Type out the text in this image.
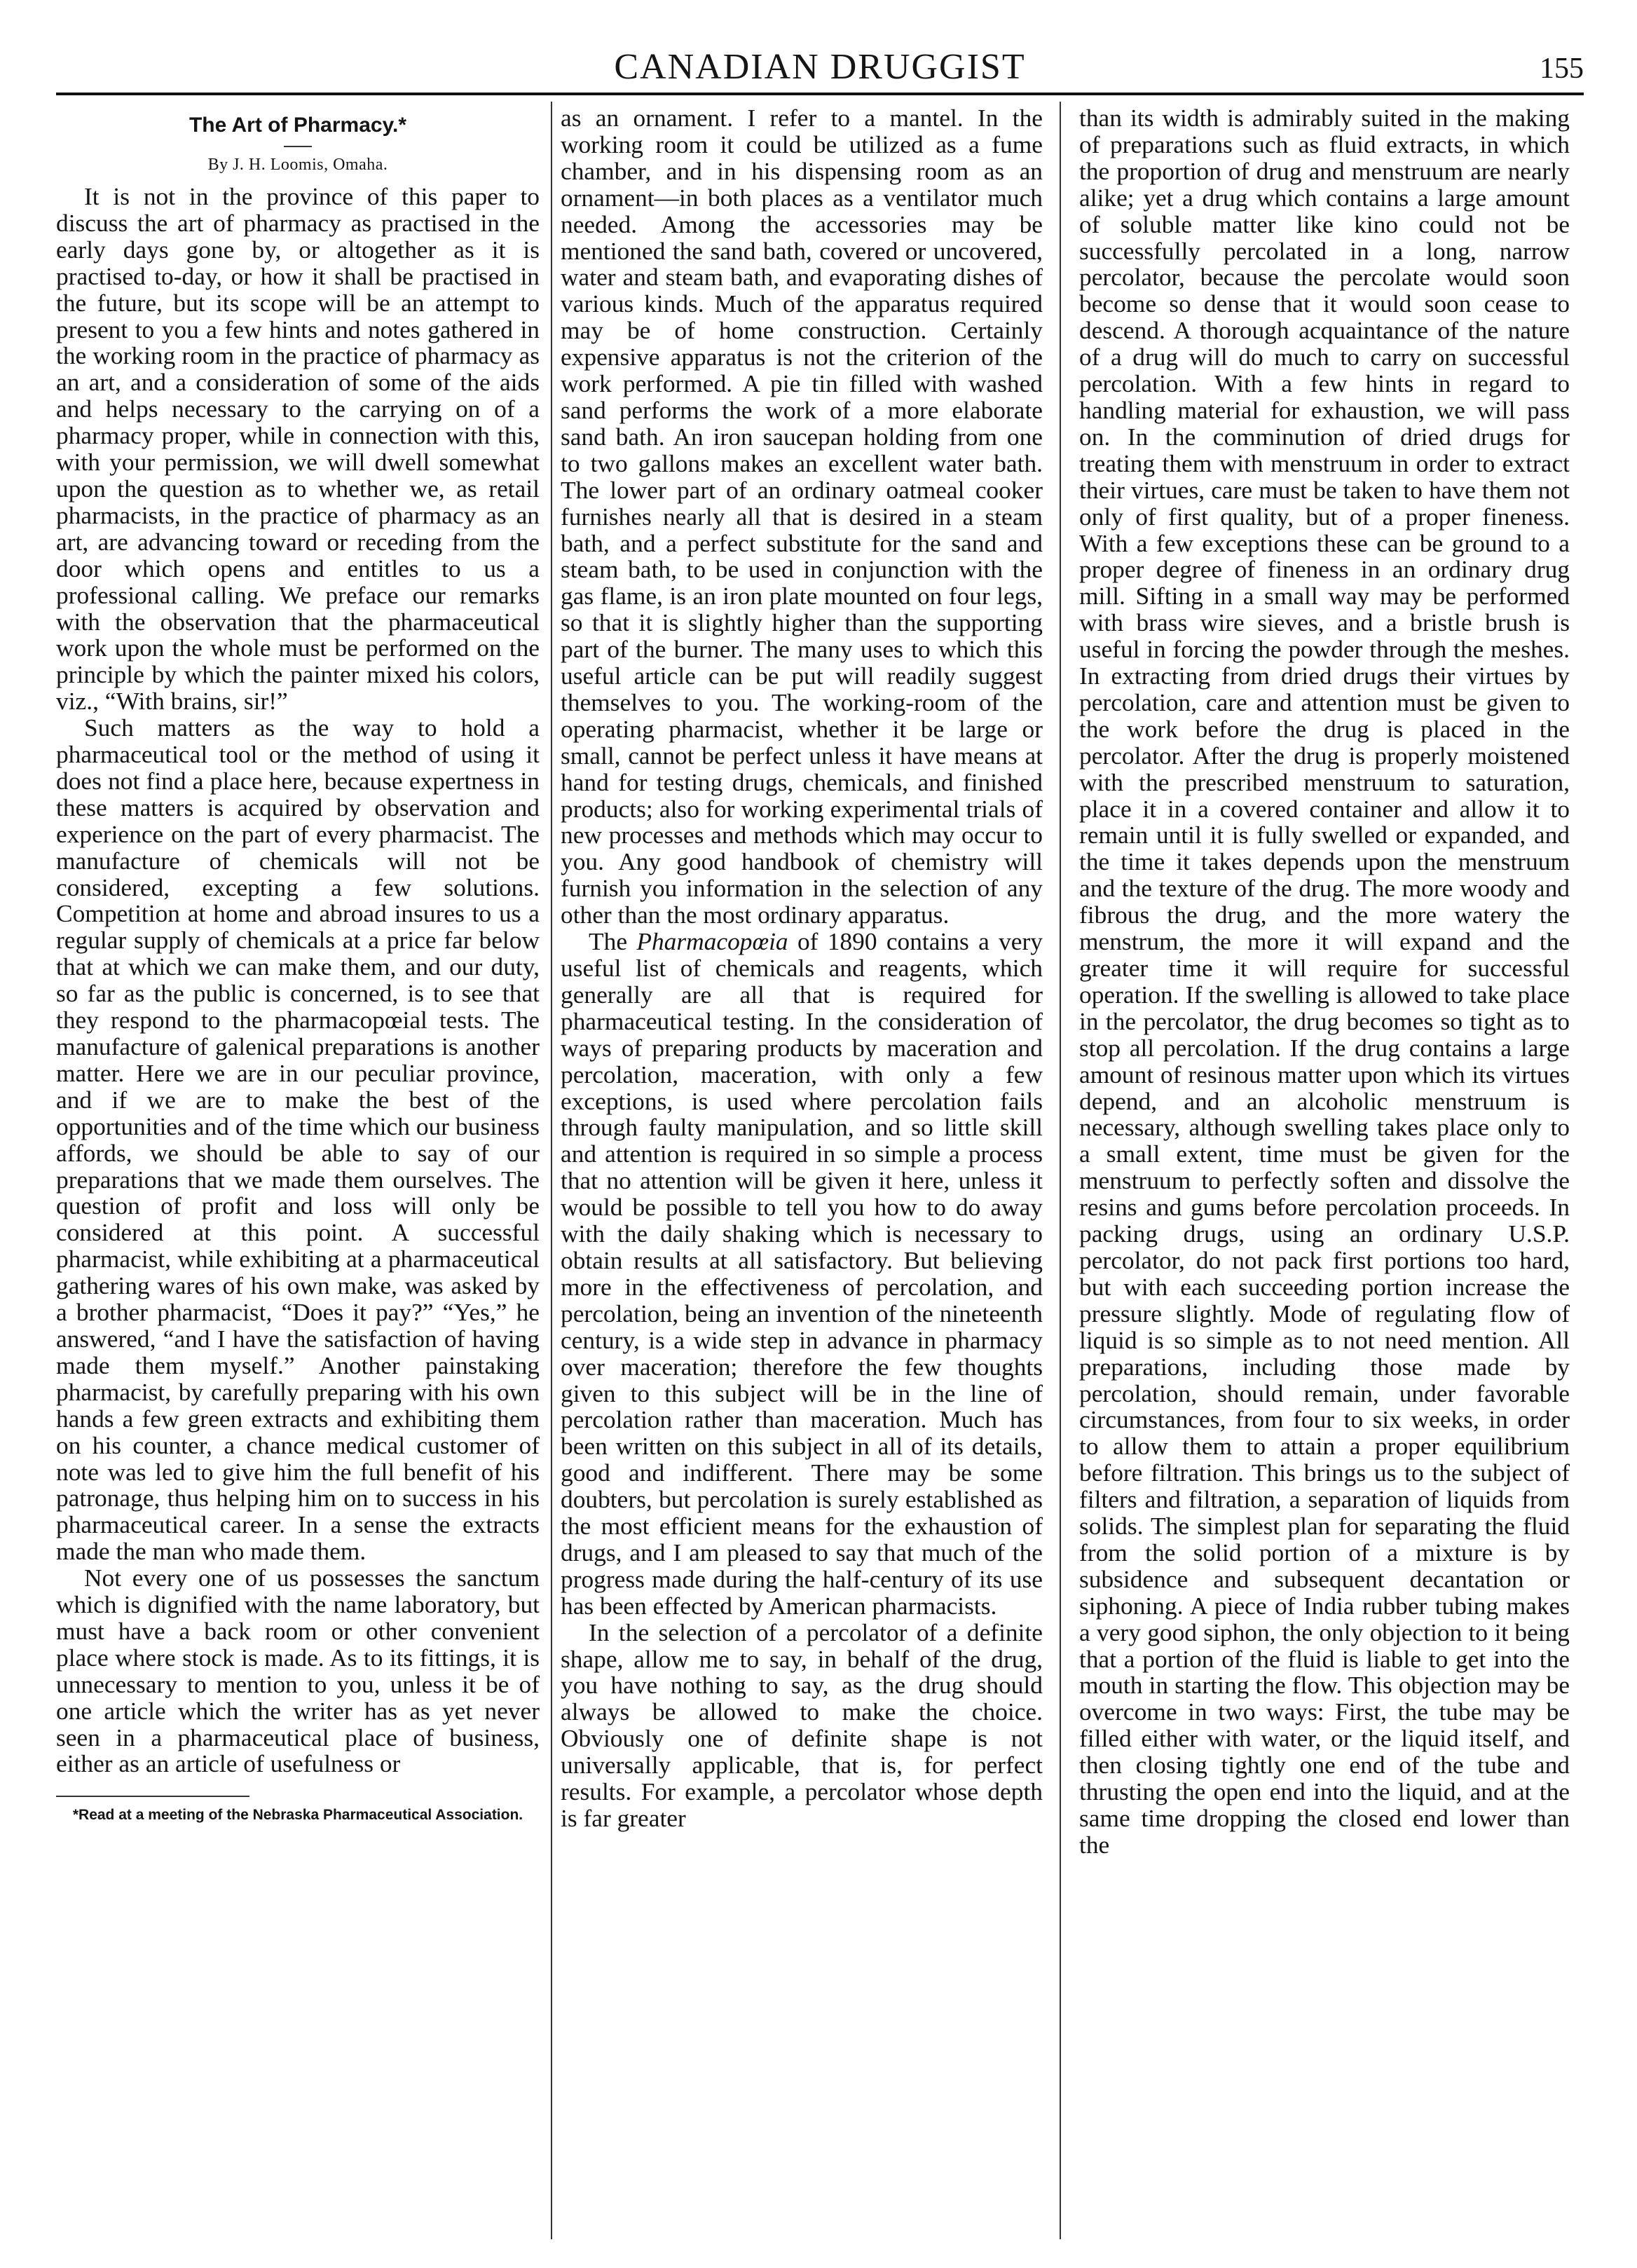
CANADIAN DRUGGIST	155
The Art of Pharmacy.*
By J. H. Loomis, Omaha.

It is not in the province of this paper to discuss the art of pharmacy as practised in the early days gone by, or altogether as it is practised to-day, or how it shall be practised in the future, but its scope will be an attempt to present to you a few hints and notes gathered in the working room in the practice of pharmacy as an art, and a consideration of some of the aids and helps necessary to the carrying on of a pharmacy proper, while in connection with this, with your permission, we will dwell somewhat upon the question as to whether we, as retail pharmacists, in the practice of pharmacy as an art, are advancing toward or receding from the door which opens and entitles to us a professional calling. We preface our remarks with the observation that the pharmaceutical work upon the whole must be performed on the principle by which the painter mixed his colors, viz., “With brains, sir!”

Such matters as the way to hold a pharmaceutical tool or the method of using it does not find a place here, because expertness in these matters is acquired by observation and experience on the part of every pharmacist. The manufacture of chemicals will not be considered, excepting a few solutions. Competition at home and abroad insures to us a regular supply of chemicals at a price far below that at which we can make them, and our duty, so far as the public is concerned, is to see that they respond to the pharmacopœial tests. The manufacture of galenical preparations is another matter. Here we are in our peculiar province, and if we are to make the best of the opportunities and of the time which our business affords, we should be able to say of our preparations that we made them ourselves. The question of profit and loss will only be considered at this point. A successful pharmacist, while exhibiting at a pharmaceutical gathering wares of his own make, was asked by a brother pharmacist, “Does it pay?” “Yes,” he answered, “and I have the satisfaction of having made them myself.” Another painstaking pharmacist, by carefully preparing with his own hands a few green extracts and exhibiting them on his counter, a chance medical customer of note was led to give him the full benefit of his patronage, thus helping him on to success in his pharmaceutical career. In a sense the extracts made the man who made them.

Not every one of us possesses the sanctum which is dignified with the name laboratory, but must have a back room or other convenient place where stock is made. As to its fittings, it is unnecessary to mention to you, unless it be of one article which the writer has as yet never seen in a pharmaceutical place of business, either as an article of usefulness or

*Read at a meeting of the Nebraska Pharmaceutical Association.

as an ornament. I refer to a mantel. In the working room it could be utilized as a fume chamber, and in his dispensing room as an ornament—in both places as a ventilator much needed. Among the accessories may be mentioned the sand bath, covered or uncovered, water and steam bath, and evaporating dishes of various kinds. Much of the apparatus required may be of home construction. Certainly expensive apparatus is not the criterion of the work performed. A pie tin filled with washed sand performs the work of a more elaborate sand bath. An iron saucepan holding from one to two gallons makes an excellent water bath. The lower part of an ordinary oatmeal cooker furnishes nearly all that is desired in a steam bath, and a perfect substitute for the sand and steam bath, to be used in conjunction with the gas flame, is an iron plate mounted on four legs, so that it is slightly higher than the supporting part of the burner. The many uses to which this useful article can be put will readily suggest themselves to you. The working-room of the operating pharmacist, whether it be large or small, cannot be perfect unless it have means at hand for testing drugs, chemicals, and finished products; also for working experimental trials of new processes and methods which may occur to you. Any good handbook of chemistry will furnish you information in the selection of any other than the most ordinary apparatus.

The Pharmacopœia of 1890 contains a very useful list of chemicals and reagents, which generally are all that is required for pharmaceutical testing. In the consideration of ways of preparing products by maceration and percolation, maceration, with only a few exceptions, is used where percolation fails through faulty manipulation, and so little skill and attention is required in so simple a process that no attention will be given it here, unless it would be possible to tell you how to do away with the daily shaking which is necessary to obtain results at all satisfactory. But believing more in the effectiveness of percolation, and percolation, being an invention of the nineteenth century, is a wide step in advance in pharmacy over maceration; therefore the few thoughts given to this subject will be in the line of percolation rather than maceration. Much has been written on this subject in all of its details, good and indifferent. There may be some doubters, but percolation is surely established as the most efficient means for the exhaustion of drugs, and I am pleased to say that much of the progress made during the half-century of its use has been effected by American pharmacists.

In the selection of a percolator of a definite shape, allow me to say, in behalf of the drug, you have nothing to say, as the drug should always be allowed to make the choice. Obviously one of definite shape is not universally applicable, that is, for perfect results. For example, a percolator whose depth is far greater

than its width is admirably suited in the making of preparations such as fluid extracts, in which the proportion of drug and menstruum are nearly alike; yet a drug which contains a large amount of soluble matter like kino could not be successfully percolated in a long, narrow percolator, because the percolate would soon become so dense that it would soon cease to descend. A thorough acquaintance of the nature of a drug will do much to carry on successful percolation. With a few hints in regard to handling material for exhaustion, we will pass on. In the comminution of dried drugs for treating them with menstruum in order to extract their virtues, care must be taken to have them not only of first quality, but of a proper fineness. With a few exceptions these can be ground to a proper degree of fineness in an ordinary drug mill. Sifting in a small way may be performed with brass wire sieves, and a bristle brush is useful in forcing the powder through the meshes. In extracting from dried drugs their virtues by percolation, care and attention must be given to the work before the drug is placed in the percolator. After the drug is properly moistened with the prescribed menstruum to saturation, place it in a covered container and allow it to remain until it is fully swelled or expanded, and the time it takes depends upon the menstruum and the texture of the drug. The more woody and fibrous the drug, and the more watery the menstrum, the more it will expand and the greater time it will require for successful operation. If the swelling is allowed to take place in the percolator, the drug becomes so tight as to stop all percolation. If the drug contains a large amount of resinous matter upon which its virtues depend, and an alcoholic menstruum is necessary, although swelling takes place only to a small extent, time must be given for the menstruum to perfectly soften and dissolve the resins and gums before percolation proceeds. In packing drugs, using an ordinary U.S.P. percolator, do not pack first portions too hard, but with each succeeding portion increase the pressure slightly. Mode of regulating flow of liquid is so simple as to not need mention. All preparations, including those made by percolation, should remain, under favorable circumstances, from four to six weeks, in order to allow them to attain a proper equilibrium before filtration. This brings us to the subject of filters and filtration, a separation of liquids from solids. The simplest plan for separating the fluid from the solid portion of a mixture is by subsidence and subsequent decantation or siphoning. A piece of India rubber tubing makes a very good siphon, the only objection to it being that a portion of the fluid is liable to get into the mouth in starting the flow. This objection may be overcome in two ways: First, the tube may be filled either with water, or the liquid itself, and then closing tightly one end of the tube and thrusting the open end into the liquid, and at the same time dropping the closed end lower than the
